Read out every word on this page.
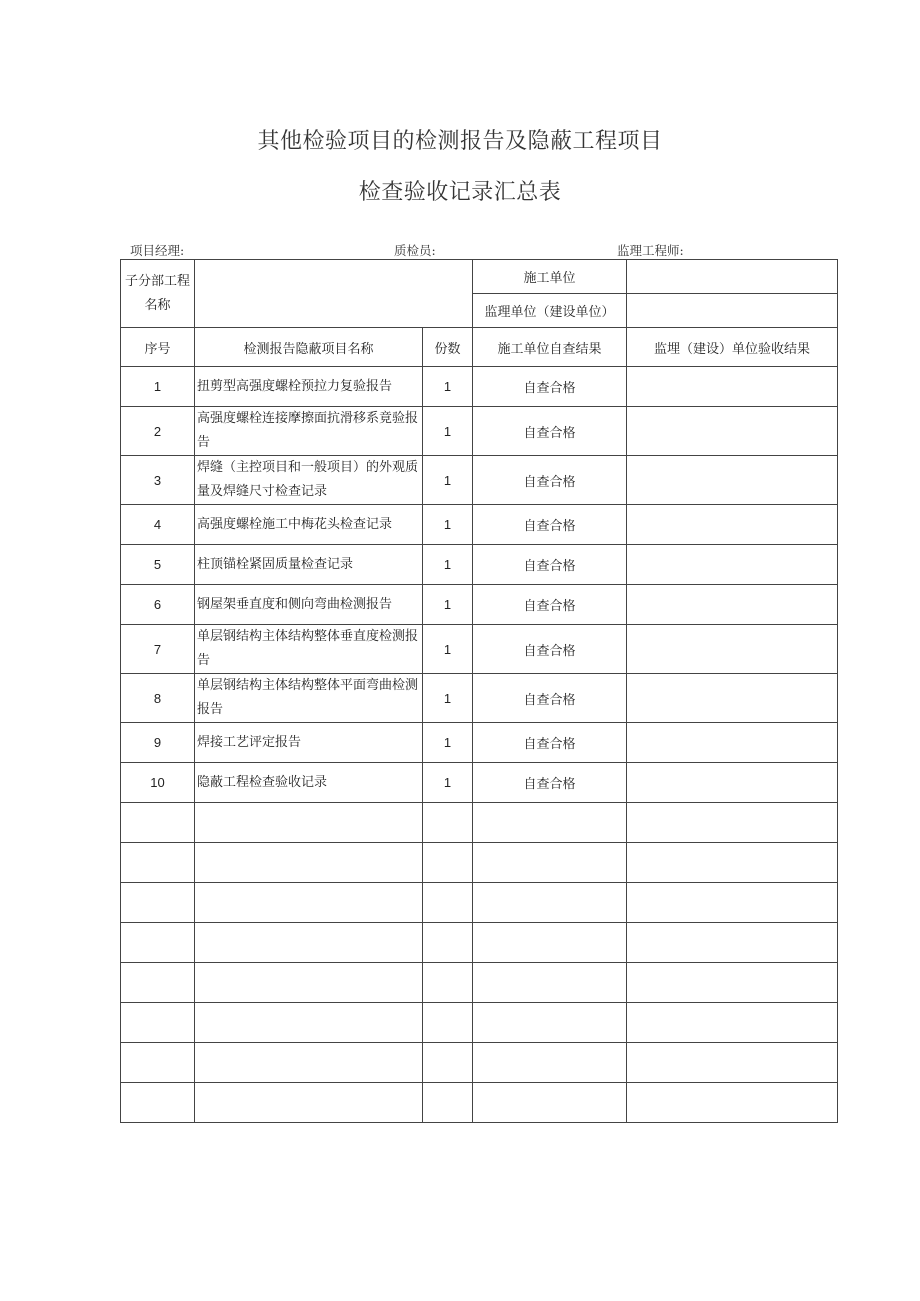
其他检验项目的检测报告及隐蔽工程项目
检查验收记录汇总表
项目经理:	质检员:	监理工程师:
子分部工程名称			施工单位	
			监理单位（建设单位）	
序号	检测报告隐蔽项目名称	份数	施工单位自查结果	监埋（建设）单位验收结果
1	扭剪型高强度螺栓预拉力复验报告	1	自查合格	
2	高强度螺栓连接摩擦面抗滑移系竟验报告	1	自查合格	
3	焊缝（主控项目和一般项目）的外观质量及焊缝尺寸检查记录	1	自查合格	
4	高强度螺栓施工中梅花头检查记录	1	自查合格	
5	柱顶锚栓紧固质量检查记录	1	自查合格	
6	钢屋架垂直度和侧向弯曲检测报告	1	自查合格	
7	单层钢结构主体结构整体垂直度检测报告	1	自查合格	
8	单层钢结构主体结构整体平面弯曲检测报告	1	自查合格	
9	焊接工艺评定报告	1	自查合格	
10	隐蔽工程检查验收记录	1	自查合格	
